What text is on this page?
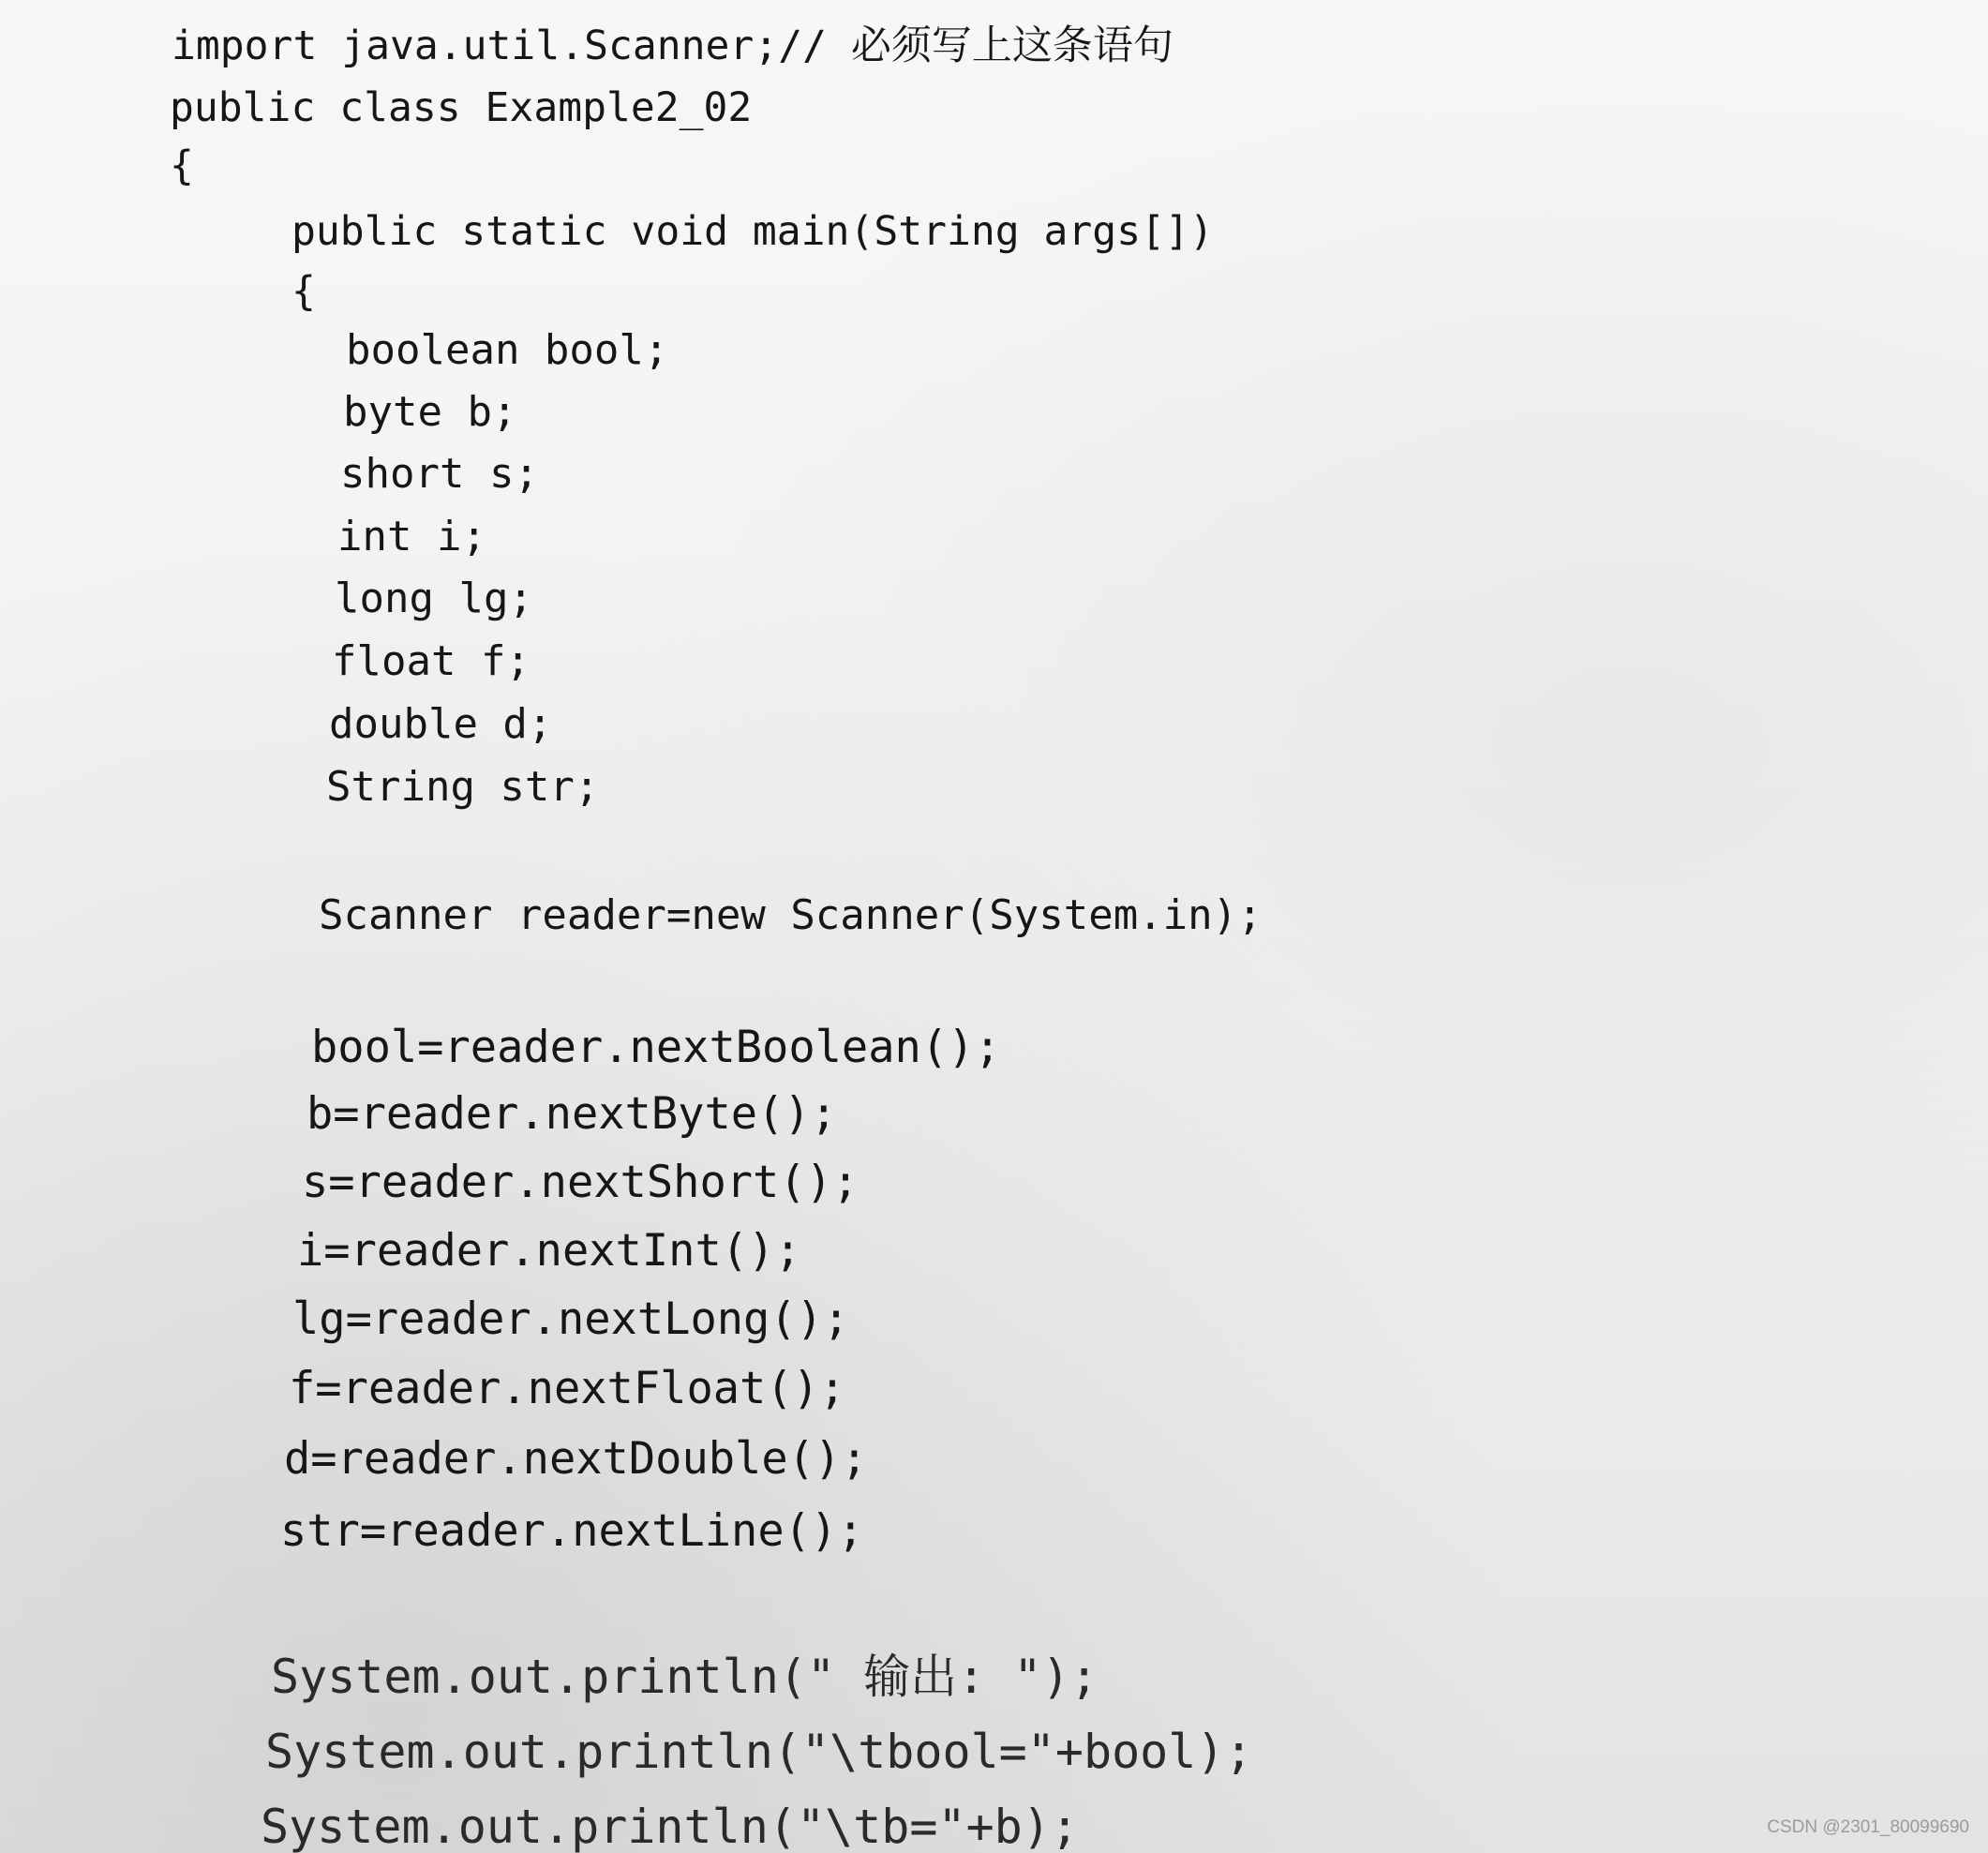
import java.util.Scanner;// 必须写上这条语句
public class Example2_02
{
public static void main(String args[])
{
boolean bool;
byte b;
short s;
int i;
long lg;
float f;
double d;
String str;
Scanner reader=new Scanner(System.in);
bool=reader.nextBoolean();
b=reader.nextByte();
s=reader.nextShort();
i=reader.nextInt();
lg=reader.nextLong();
f=reader.nextFloat();
d=reader.nextDouble();
str=reader.nextLine();
System.out.println(" 输出: ");
System.out.println("\tbool="+bool);
System.out.println("\tb="+b);	CSDN @2301_80099690
